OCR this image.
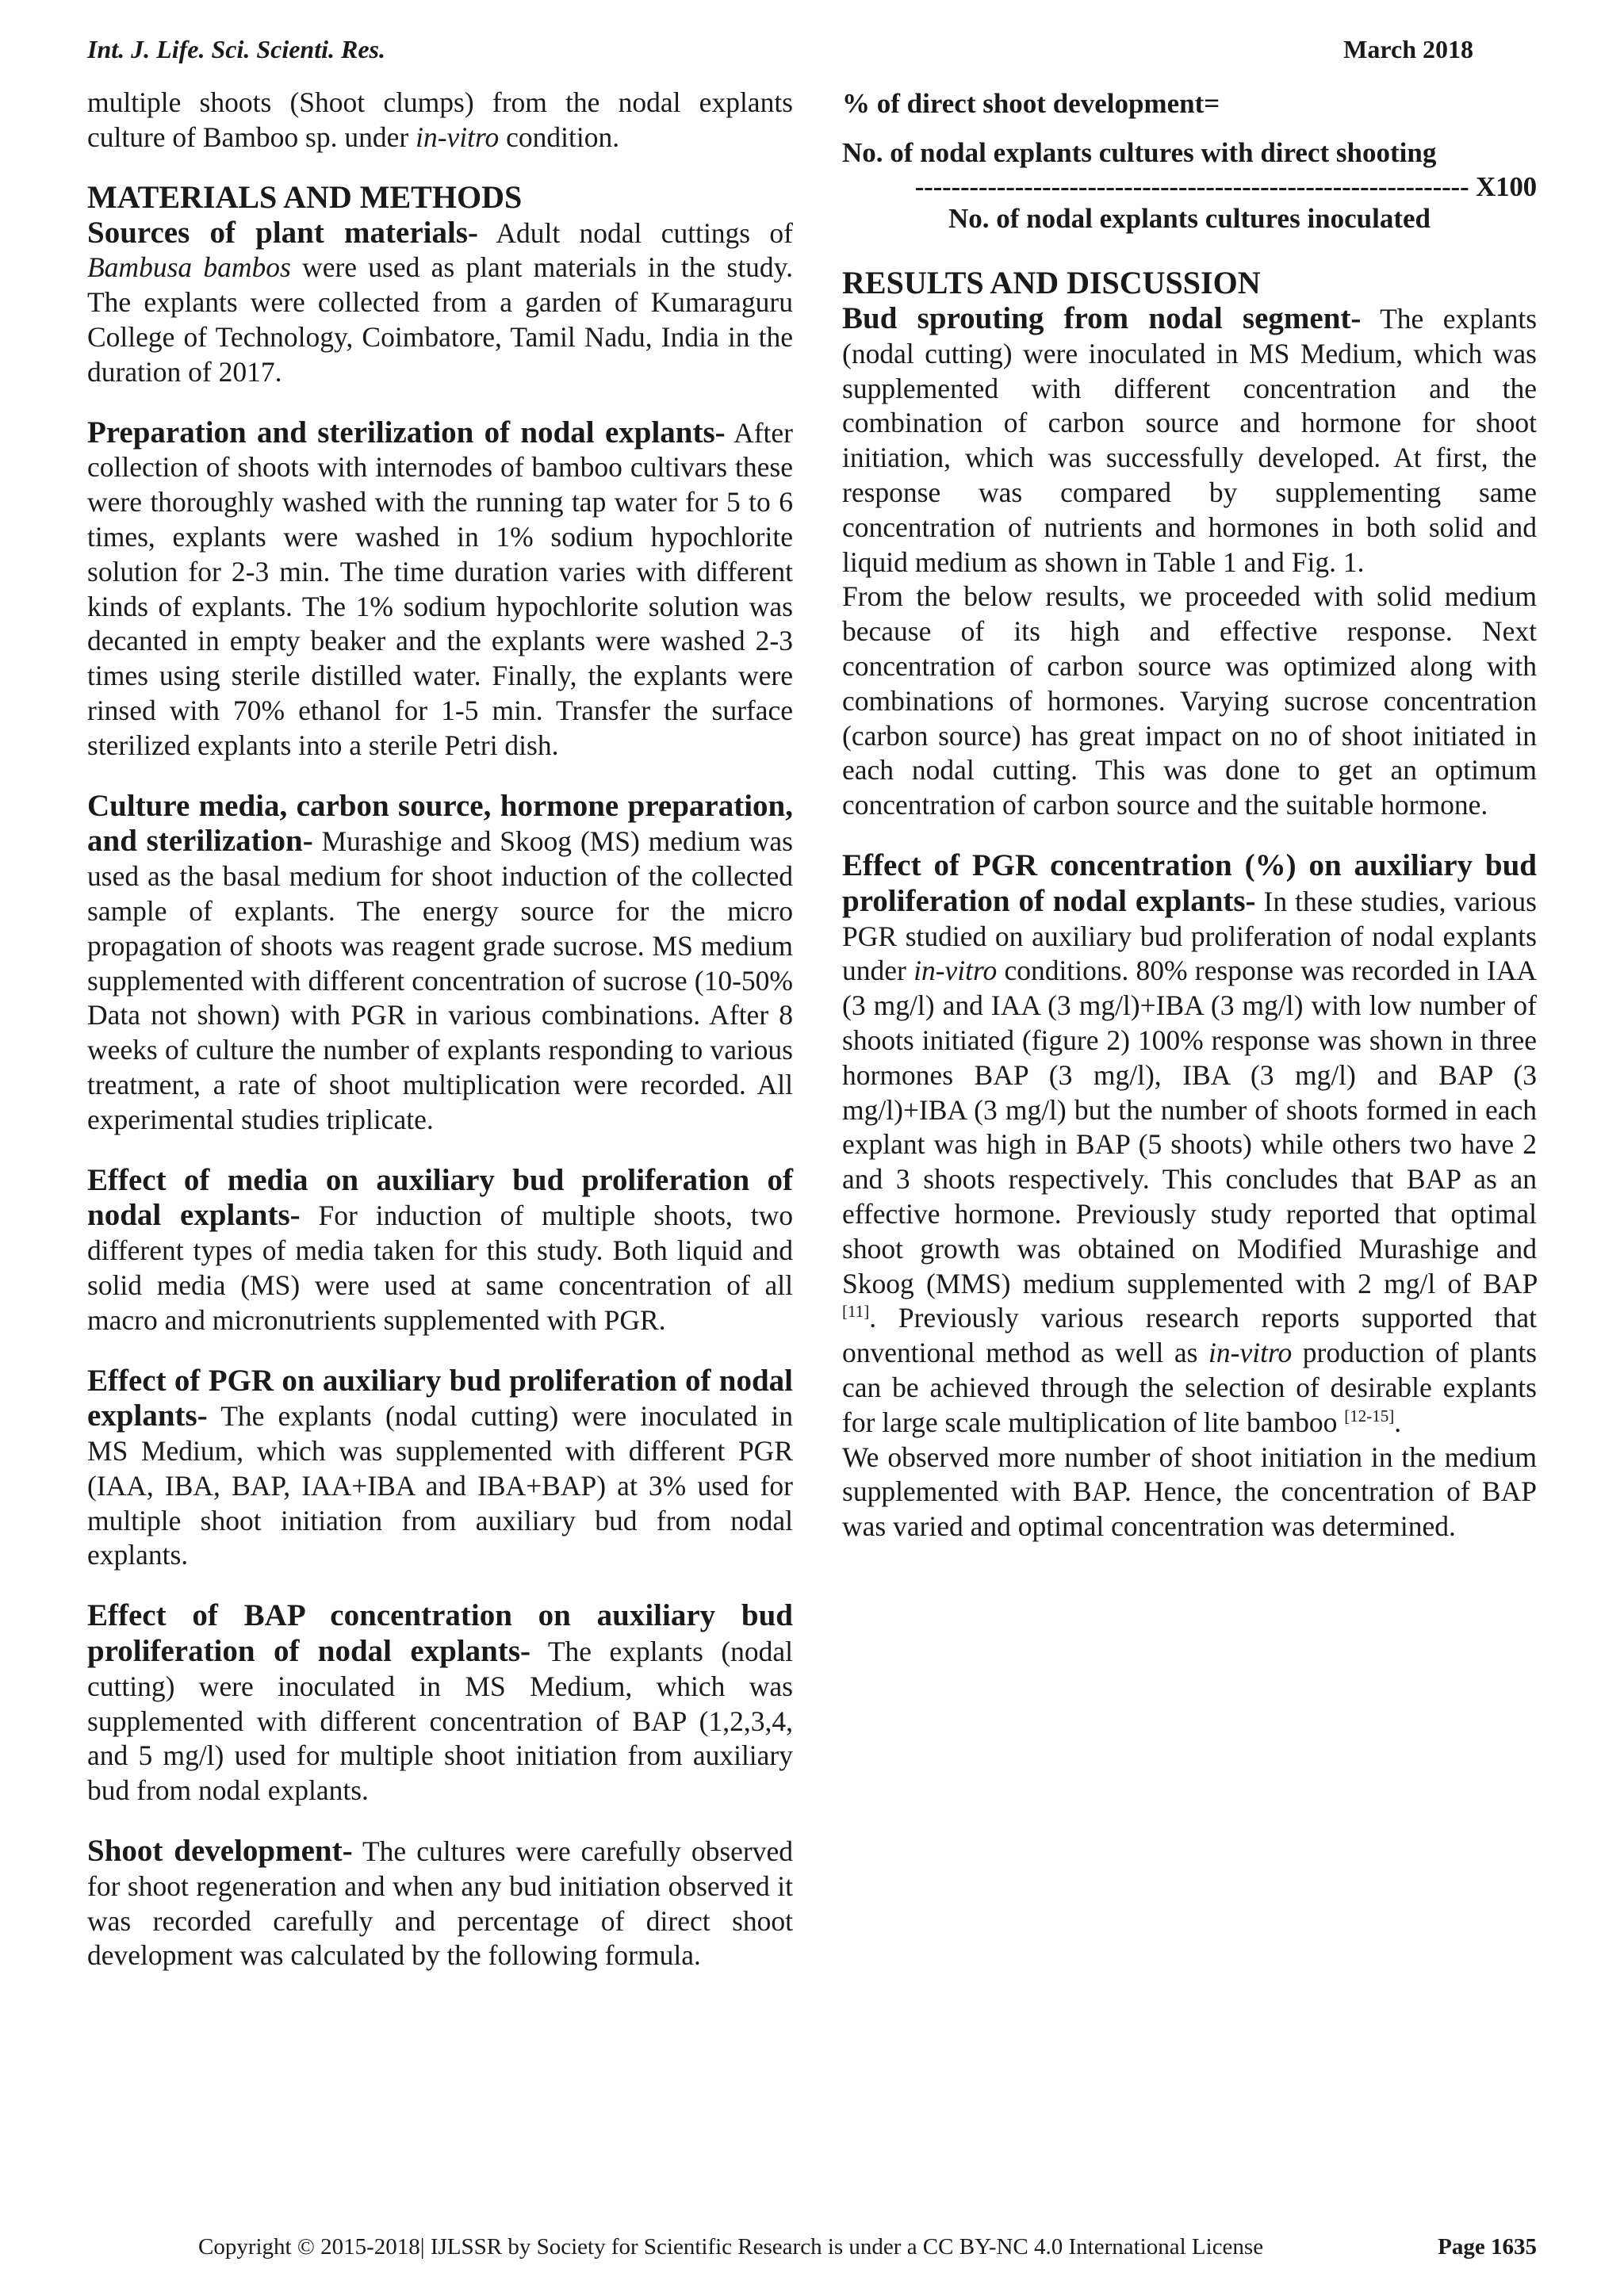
Int. J. Life. Sci. Scienti. Res.	March 2018

multiple shoots (Shoot clumps) from the nodal explants culture of Bamboo sp. under in-vitro condition.

MATERIALS AND METHODS

Sources of plant materials- Adult nodal cuttings of Bambusa bambos were used as plant materials in the study. The explants were collected from a garden of Kumaraguru College of Technology, Coimbatore, Tamil Nadu, India in the duration of 2017.

Preparation and sterilization of nodal explants- After collection of shoots with internodes of bamboo cultivars these were thoroughly washed with the running tap water for 5 to 6 times, explants were washed in 1% sodium hypochlorite solution for 2-3 min. The time duration varies with different kinds of explants. The 1% sodium hypochlorite solution was decanted in empty beaker and the explants were washed 2-3 times using sterile distilled water. Finally, the explants were rinsed with 70% ethanol for 1-5 min. Transfer the surface sterilized explants into a sterile Petri dish.

Culture media, carbon source, hormone preparation, and sterilization- Murashige and Skoog (MS) medium was used as the basal medium for shoot induction of the collected sample of explants. The energy source for the micro propagation of shoots was reagent grade sucrose. MS medium supplemented with different concentration of sucrose (10-50% Data not shown) with PGR in various combinations. After 8 weeks of culture the number of explants responding to various treatment, a rate of shoot multiplication were recorded. All experimental studies triplicate.

Effect of media on auxiliary bud proliferation of nodal explants- For induction of multiple shoots, two different types of media taken for this study. Both liquid and solid media (MS) were used at same concentration of all macro and micronutrients supplemented with PGR.

Effect of PGR on auxiliary bud proliferation of nodal explants- The explants (nodal cutting) were inoculated in MS Medium, which was supplemented with different PGR (IAA, IBA, BAP, IAA+IBA and IBA+BAP) at 3% used for multiple shoot initiation from auxiliary bud from nodal explants.

Effect of BAP concentration on auxiliary bud proliferation of nodal explants- The explants (nodal cutting) were inoculated in MS Medium, which was supplemented with different concentration of BAP (1,2,3,4, and 5 mg/l) used for multiple shoot initiation from auxiliary bud from nodal explants.

Shoot development- The cultures were carefully observed for shoot regeneration and when any bud initiation observed it was recorded carefully and percentage of direct shoot development was calculated by the following formula.

% of direct shoot development=
No. of nodal explants cultures with direct shooting
------------------------------------------------------------- X100
No. of nodal explants cultures inoculated
RESULTS AND DISCUSSION

Bud sprouting from nodal segment- The explants (nodal cutting) were inoculated in MS Medium, which was supplemented with different concentration and the combination of carbon source and hormone for shoot initiation, which was successfully developed. At first, the response was compared by supplementing same concentration of nutrients and hormones in both solid and liquid medium as shown in Table 1 and Fig. 1.

From the below results, we proceeded with solid medium because of its high and effective response. Next concentration of carbon source was optimized along with combinations of hormones. Varying sucrose concentration (carbon source) has great impact on no of shoot initiated in each nodal cutting. This was done to get an optimum concentration of carbon source and the suitable hormone.

Effect of PGR concentration (%) on auxiliary bud proliferation of nodal explants- In these studies, various PGR studied on auxiliary bud proliferation of nodal explants under in-vitro conditions. 80% response was recorded in IAA (3 mg/l) and IAA (3 mg/l)+IBA (3 mg/l) with low number of shoots initiated (figure 2) 100% response was shown in three hormones BAP (3 mg/l), IBA (3 mg/l) and BAP (3 mg/l)+IBA (3 mg/l) but the number of shoots formed in each explant was high in BAP (5 shoots) while others two have 2 and 3 shoots respectively. This concludes that BAP as an effective hormone. Previously study reported that optimal shoot growth was obtained on Modified Murashige and Skoog (MMS) medium supplemented with 2 mg/l of BAP [11]. Previously various research reports supported that onventional method as well as in-vitro production of plants can be achieved through the selection of desirable explants for large scale multiplication of lite bamboo [12-15].

We observed more number of shoot initiation in the medium supplemented with BAP. Hence, the concentration of BAP was varied and optimal concentration was determined.

Copyright © 2015-2018| IJLSSR by Society for Scientific Research is under a CC BY-NC 4.0 International License	Page 1635
